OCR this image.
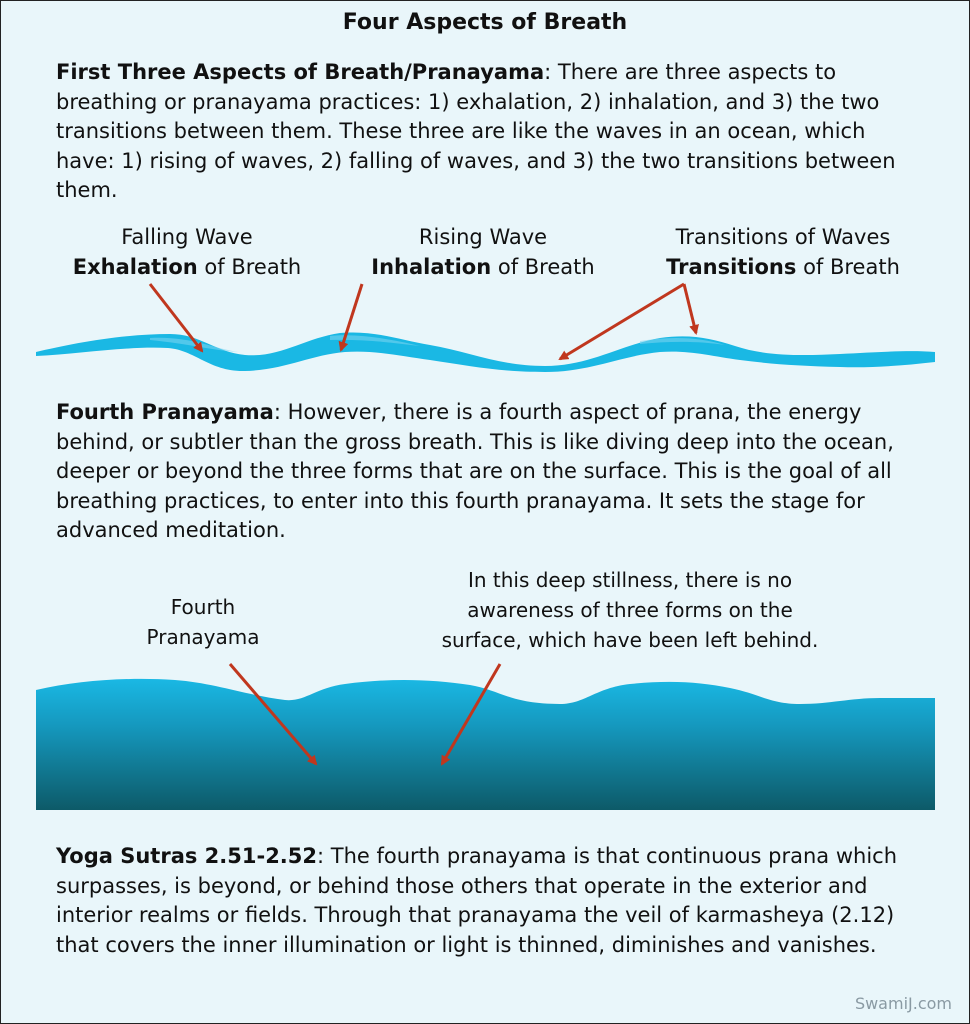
Four Aspects of Breath

First Three Aspects of Breath/Pranayama: There are three aspects to breathing or pranayama practices: 1) exhalation, 2) inhalation, and 3) the two transitions between them. These three are like the waves in an ocean, which have: 1) rising of waves, 2) falling of waves, and 3) the two transitions between them.

Falling Wave
Exhalation of Breath
Rising Wave
Inhalation of Breath
Transitions of Waves
Transitions of Breath

Fourth Pranayama: However, there is a fourth aspect of prana, the energy behind, or subtler than the gross breath. This is like diving deep into the ocean, deeper or beyond the three forms that are on the surface. This is the goal of all breathing practices, to enter into this fourth pranayama. It sets the stage for advanced meditation.

Fourth
Pranayama
In this deep stillness, there is no
awareness of three forms on the
surface, which have been left behind.

Yoga Sutras 2.51-2.52: The fourth pranayama is that continuous prana which surpasses, is beyond, or behind those others that operate in the exterior and interior realms or fields. Through that pranayama the veil of karmasheya (2.12) that covers the inner illumination or light is thinned, diminishes and vanishes.

SwamiJ.com
